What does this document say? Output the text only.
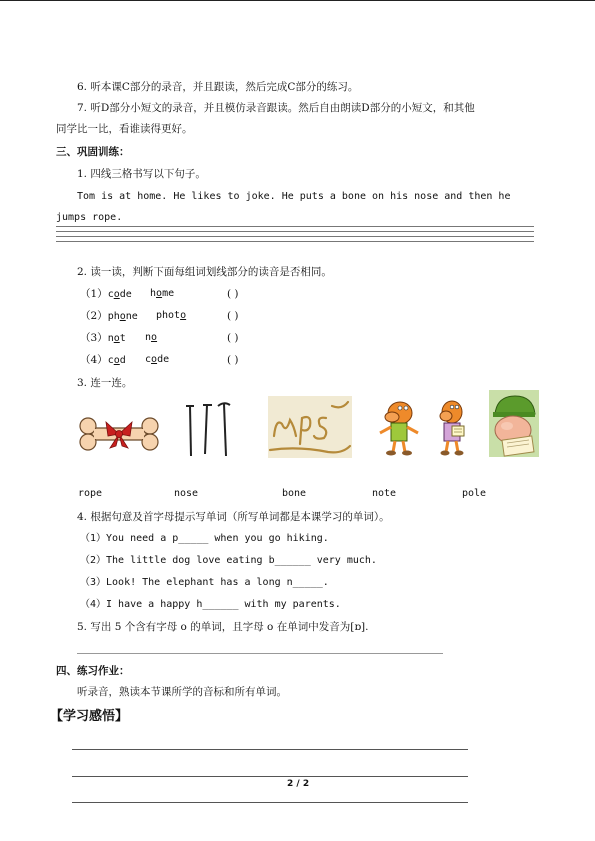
6. 听本课C部分的录音，并且跟读，然后完成C部分的练习。
7. 听D部分小短文的录音，并且模仿录音跟读。然后自由朗读D部分的小短文，和其他
同学比一比，看谁读得更好。
三、巩固训练：
1. 四线三格书写以下句子。
Tom is at home. He likes to joke. He puts a bone on his nose and then he
jumps rope.
2. 读一读，判断下面每组词划线部分的读音是否相同。
（1）code home	( )
（2）phone photo	( )
（3）not no	( )
（4）cod code	( )
3. 连一连。
rope	nose	bone	note	pole
4. 根据句意及首字母提示写单词（所写单词都是本课学习的单词）。
（1）You need a p_____ when you go hiking.
（2）The little dog love eating b______ very much.
（3）Look! The elephant has a long n_____.
（4）I have a happy h______ with my parents.
5. 写出 5 个含有字母 o 的单词，且字母 o 在单词中发音为[ɒ].
四、练习作业：
听录音，熟读本节课所学的音标和所有单词。
【学习感悟】
2 / 2
